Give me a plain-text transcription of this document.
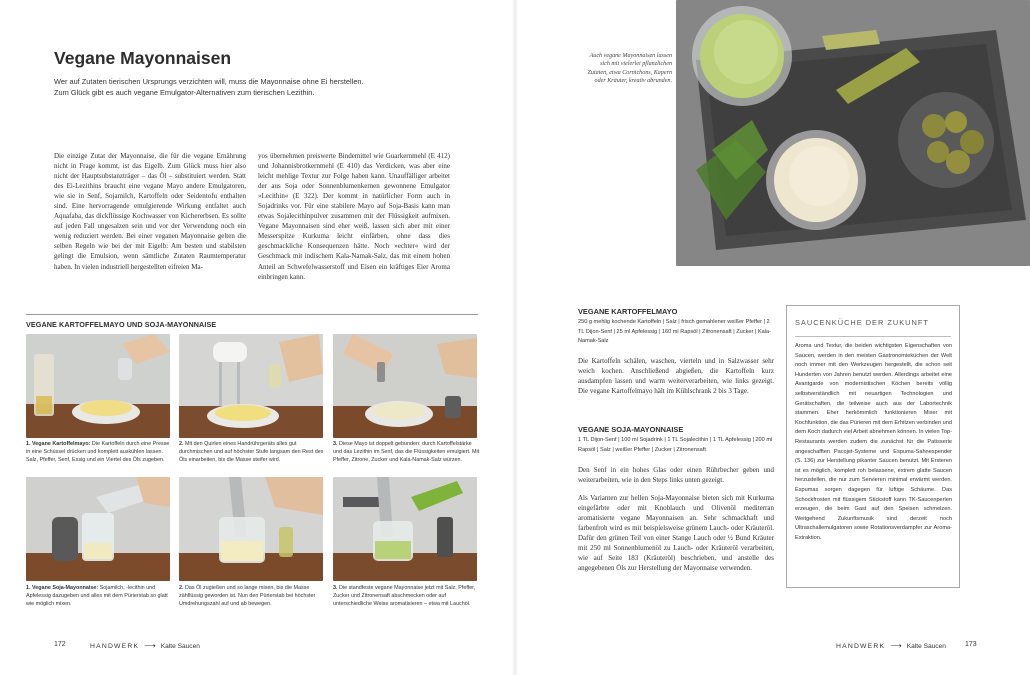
Vegane Mayonnaisen

Wer auf Zutaten tierischen Ursprungs verzichten will, muss die Mayonnaise ohne Ei herstellen.

Zum Glück gibt es auch vegane Emulgator-Alternativen zum tierischen Lezithin.

Die einzige Zutat der Mayonnaise, die für die vegane Ernährung nicht in Frage kommt, ist das Eigelb. Zum Glück muss hier also nicht der Hauptsubstanzträger – das Öl – substituiert werden. Statt des Ei-Lezithins braucht eine vegane Mayo andere Emulgatoren, wie sie in Senf, Sojamilch, Kartoffeln oder Seidentofu enthalten sind. Eine hervorragende emulgierende Wirkung entfaltet auch Aquafaba, das dickflüssige Kochwasser von Kichererbsen. Es sollte auf jeden Fall ungesalzen sein und vor der Verwendung noch ein wenig reduziert werden. Bei einer veganen Mayonnaise gelten die selben Regeln wie bei der mit Eigelb: Am besten und stabilsten gelingt die Emulsion, wenn sämtliche Zutaten Raumtemperatur haben. In vielen industriell hergestellten eifreien Ma-
yos übernehmen preiswerte Bindemittel wie Guarkernmehl (E 412) und Johannisbrotkernmehl (E 410) das Verdicken, was aber eine leicht mehlige Textur zur Folge haben kann. Unauffälliger arbeitet der aus Soja oder Sonnenblumenkernen gewonnene Emulgator »Lecithin« (E 322). Der kommt in natürlicher Form auch in Sojadrinks vor. Für eine stabilere Mayo auf Soja-Basis kann man etwas Sojalecithinpulver zusammen mit der Flüssigkeit aufmixen. Vegane Mayonnaisen sind eher weiß, lassen sich aber mit einer Messerspitze Kurkuma leicht einfärben, ohne dass dies geschmackliche Konsequenzen hätte. Noch »echter« wird der Geschmack mit indischem Kala-Namak-Salz, das mit einem hohen Anteil an Schwefelwasserstoff und Eisen ein kräftiges Eier Aroma einbringen kann.
VEGANE KARTOFFELMAYO UND SOJA-MAYONNAISE
1. Vegane Kartoffelmayo: Die Kartoffeln durch eine Presse in eine Schüssel drücken und komplett auskühlen lassen. Salz, Pfeffer, Senf, Essig und ein Viertel des Öls zugeben.
2. Mit den Quirlen eines Handrührgeräts alles gut durchmischen und auf höchster Stufe langsam den Rest des Öls einarbeiten, bis die Masse steifer wird.
3. Diese Mayo ist doppelt gebunden: durch Kartoffelstärke und das Lezithin im Senf, das die Flüssigkeiten emulgiert. Mit Pfeffer, Zitrone, Zucker und Kala-Namak-Salz würzen.
1. Vegane Soja-Mayonnaise: Sojamilch, -lecithin und Apfelessig dazugeben und alles mit dem Pürierstab so glatt wie möglich mixen.
2. Das Öl zugießen und so lange mixen, bis die Masse zähflüssig geworden ist. Nun den Pürierstab bei höchster Umdrehungszahl auf und ab bewegen.
3. Die standfeste vegane Mayonnaise jetzt mit Salz, Pfeffer, Zucker und Zitronensaft abschmecken oder auf unterschiedliche Weise aromatisieren – etwa mit Lauchöl.
172	HANDWERK ⟶ Kalte Saucen
Auch vegane Mayonnaisen lassen sich mit vielerlei pflanzlichen Zutaten, etwa Cornichons, Kapern oder Kräuter, kreativ abrunden.
VEGANE KARTOFFELMAYO
250 g mehlig kochende Kartoffeln | Salz | frisch gemahlener weißer Pfeffer | 2 TL Dijon-Senf | 25 ml Apfelessig | 160 ml Rapsöl | Zitronensaft | Zucker | Kala-Namak-Salz
Die Kartoffeln schälen, waschen, vierteln und in Salzwasser sehr weich kochen. Anschließend abgießen, die Kartoffeln kurz ausdampfen lassen und warm weiterverarbeiten, wie links gezeigt. Die vegane Kartoffelmayo hält im Kühlschrank 2 bis 3 Tage.
VEGANE SOJA-MAYONNAISE
1 TL Dijon-Senf | 100 ml Sojadrink | 1 TL Sojalecithin | 1 TL Apfelessig | 200 ml Rapsöl | Salz | weißer Pfeffer | Zucker | Zitronensaft
Den Senf in ein hohes Glas oder einen Rührbecher geben und weiterarbeiten, wie in den Steps links unten gezeigt.
Als Varianten zur hellen Soja-Mayonnaise bieten sich mit Kurkuma eingefärbte oder mit Knoblauch und Olivenöl mediterran aromatisierte vegane Mayonnaisen an. Sehr schmackhaft und farbenfroh wird es mit beispielsweise grünem Lauch- oder Kräuteröl. Dafür den grünen Teil von einer Stange Lauch oder ½ Bund Kräuter mit 250 ml Sonnenblumenöl zu Lauch- oder Kräuteröl verarbeiten, wie auf Seite 183 (Kräuteröl) beschrieben, und anstelle des angegebenen Öls zur Herstellung der Mayonnaise verwenden.
SAUCENKÜCHE DER ZUKUNFT
Aroma und Textur, die beiden wichtigsten Eigenschaften von Saucen, werden in den meisten Gastronomieküchen der Welt noch immer mit den Werkzeugen hergestellt, die schon seit Hunderten von Jahren benutzt werden. Allerdings arbeitet eine Avantgarde von modernistischen Köchen bereits völlig selbstverständlich mit neuartigen Technologien und Gerätschaften, die teilweise auch aus der Labortechnik stammen. Eher herkömmlich funktionieren Mixer mit Kochfunktion, die das Pürieren mit dem Erhitzen verbinden und dem Koch dadurch viel Arbeit abnehmen können. In vielen Top-Restaurants werden zudem die zunächst für die Patisserie angeschafften Pacojet-Systeme und Espuma-Sahnespender (S. 136) zur Herstellung pikanter Saucen benutzt. Mit Ersteren ist es möglich, komplett roh belassene, extrem glatte Saucen herzustellen, die nur zum Servieren minimal erwärmt werden. Espumas sorgen dagegen für luftige Schäume. Das Schockfrosten mit flüssigem Stickstoff kann TK-Saucenperlen erzeugen, die beim Gast auf den Speisen schmelzen. Weitgehend Zukunftsmusik sind derzeit noch Ultraschallemulgatoren sowie Rotationsverdampfer zur Aroma-Extraktion.
HANDWERK ⟶ Kalte Saucen	173
